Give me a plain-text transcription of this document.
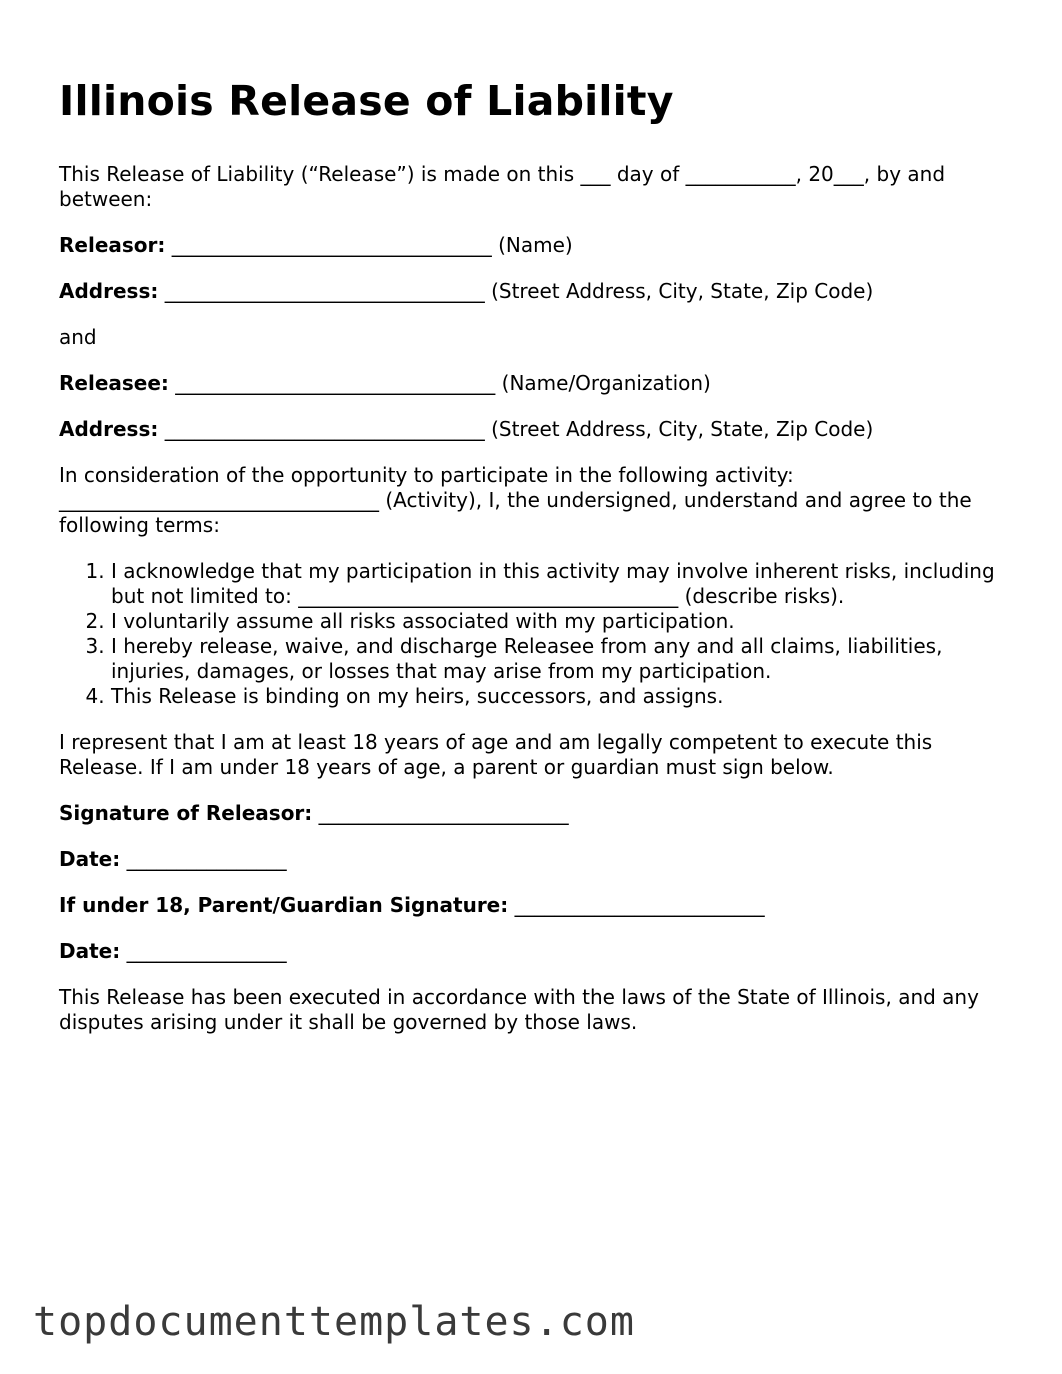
Illinois Release of Liability

This Release of Liability (“Release”) is made on this ___ day of ___________, 20___, by and between:

Releasor: ________________________________ (Name)

Address: ________________________________ (Street Address, City, State, Zip Code)

and

Releasee: ________________________________ (Name/Organization)

Address: ________________________________ (Street Address, City, State, Zip Code)

In consideration of the opportunity to participate in the following activity: ________________________________ (Activity), I, the undersigned, understand and agree to the following terms:

1. I acknowledge that my participation in this activity may involve inherent risks, including but not limited to: ______________________________________ (describe risks).
2. I voluntarily assume all risks associated with my participation.
3. I hereby release, waive, and discharge Releasee from any and all claims, liabilities, injuries, damages, or losses that may arise from my participation.
4. This Release is binding on my heirs, successors, and assigns.

I represent that I am at least 18 years of age and am legally competent to execute this Release. If I am under 18 years of age, a parent or guardian must sign below.

Signature of Releasor: _________________________

Date: ________________

If under 18, Parent/Guardian Signature: _________________________

Date: ________________

This Release has been executed in accordance with the laws of the State of Illinois, and any disputes arising under it shall be governed by those laws.

topdocumenttemplates.com
